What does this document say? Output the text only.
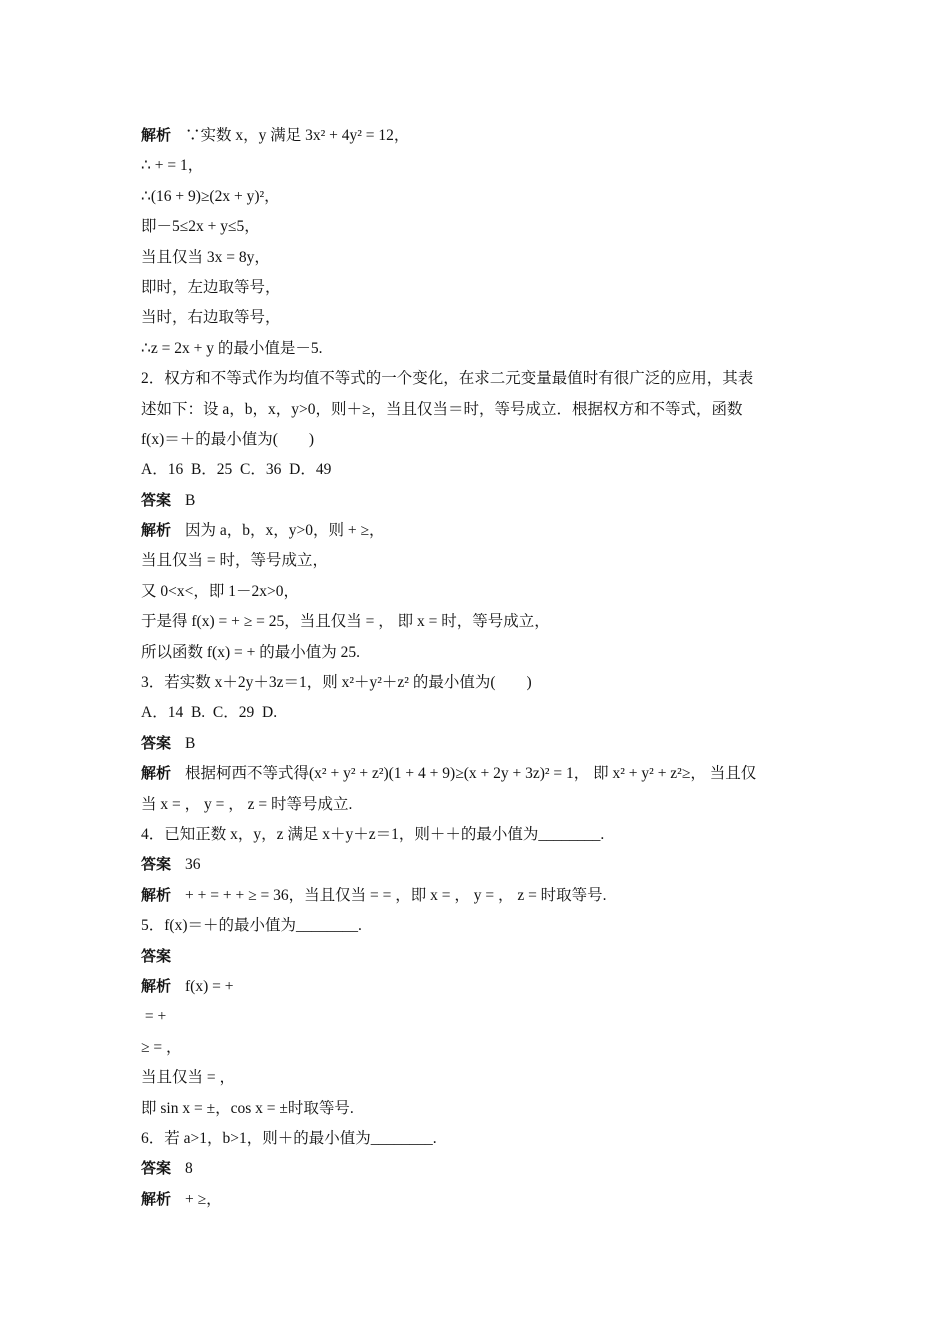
解析 ∵实数 x，y 满足 3x² + 4y² = 12，
∴ + = 1，
∴(16 + 9)≥(2x + y)²，
即－5≤2x + y≤5，
当且仅当 3x = 8y，
即时，左边取等号，
当时，右边取等号，
∴z = 2x + y 的最小值是－5.
2．权方和不等式作为均值不等式的一个变化，在求二元变量最值时有很广泛的应用，其表
述如下：设 a，b，x，y>0，则＋≥，当且仅当＝时，等号成立．根据权方和不等式，函数
f(x)＝＋的最小值为(　　)
A．16  B．25  C．36  D．49
答案 B
解析 因为 a，b，x，y>0，则 + ≥，
当且仅当 = 时，等号成立，
又 0<x<，即 1－2x>0，
于是得 f(x) = + ≥ = 25，当且仅当 = ， 即 x = 时，等号成立，
所以函数 f(x) = + 的最小值为 25.
3．若实数 x＋2y＋3z＝1，则 x²＋y²＋z² 的最小值为(　　)
A．14  B.  C．29  D.
答案 B
解析 根据柯西不等式得(x² + y² + z²)(1 + 4 + 9)≥(x + 2y + 3z)² = 1， 即 x² + y² + z²≥， 当且仅
当 x = ， y = ， z = 时等号成立.
4．已知正数 x，y，z 满足 x＋y＋z＝1，则＋＋的最小值为________.
答案 36
解析 + + = + + ≥ = 36，当且仅当 = = ，即 x = ， y = ， z = 时取等号.
5．f(x)＝＋的最小值为________.
答案
解析 f(x) = +
= +
≥ = ，
当且仅当 = ，
即 sin x = ±，cos x = ±时取等号.
6．若 a>1，b>1，则＋的最小值为________.
答案 8
解析 + ≥，
